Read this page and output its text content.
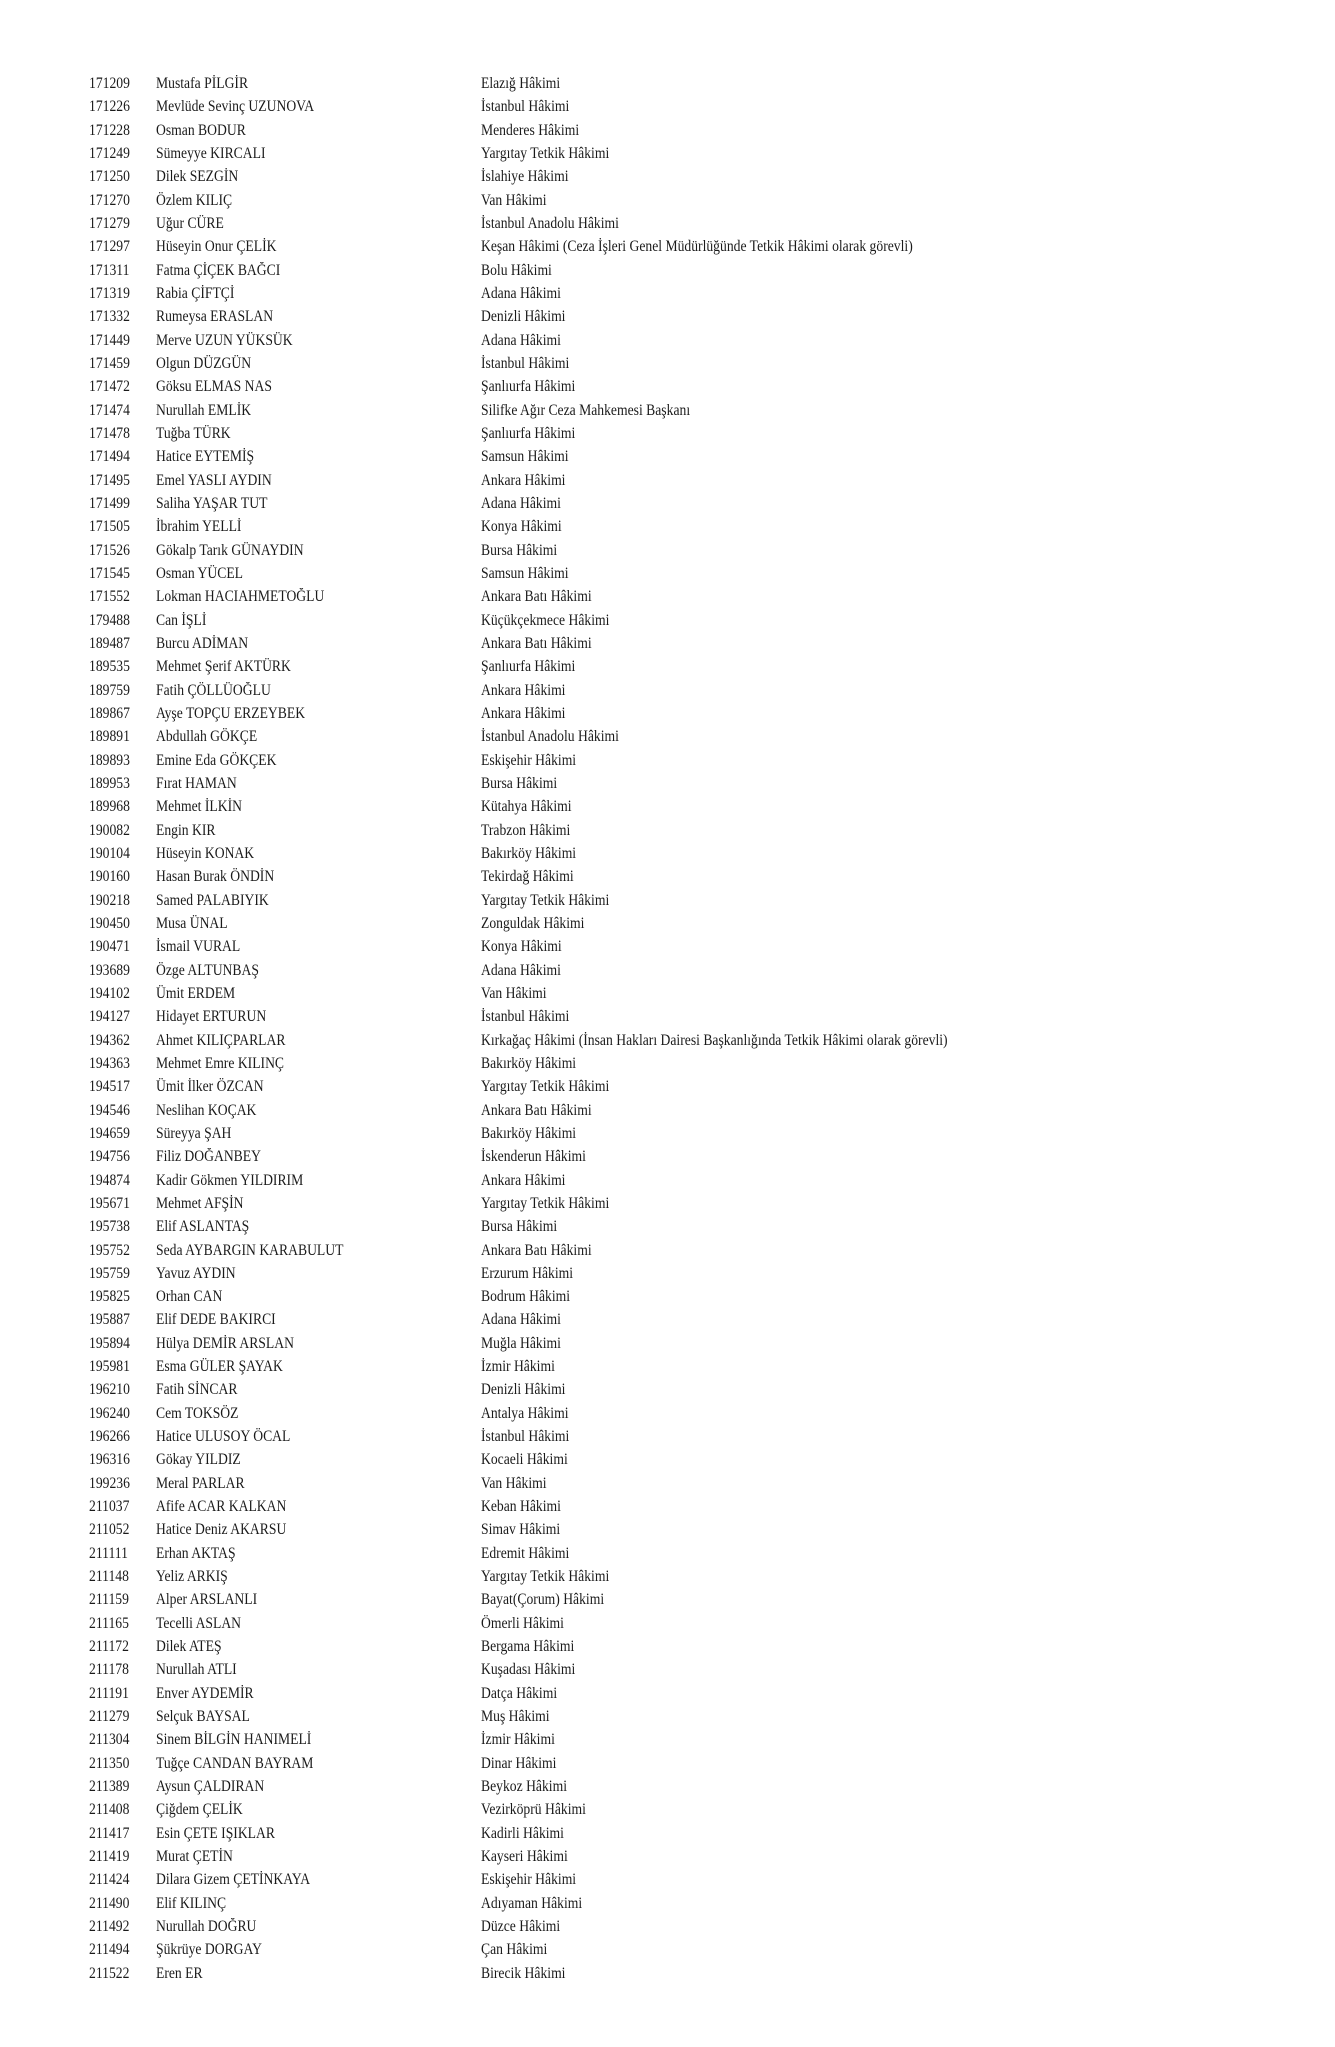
171209 Mustafa PİLGİR	Elazığ Hâkimi
171226 Mevlüde Sevinç UZUNOVA	İstanbul Hâkimi
171228 Osman BODUR	Menderes Hâkimi
171249 Sümeyye KIRCALI	Yargıtay Tetkik Hâkimi
171250 Dilek SEZGİN	İslahiye Hâkimi
171270 Özlem KILIÇ	Van Hâkimi
171279 Uğur CÜRE	İstanbul Anadolu Hâkimi
171297 Hüseyin Onur ÇELİK	Keşan Hâkimi (Ceza İşleri Genel Müdürlüğünde Tetkik Hâkimi olarak görevli)
171311 Fatma ÇİÇEK BAĞCI	Bolu Hâkimi
171319 Rabia ÇİFTÇİ	Adana Hâkimi
171332 Rumeysa ERASLAN	Denizli Hâkimi
171449 Merve UZUN YÜKSÜK	Adana Hâkimi
171459 Olgun DÜZGÜN	İstanbul Hâkimi
171472 Göksu ELMAS NAS	Şanlıurfa Hâkimi
171474 Nurullah EMLİK	Silifke Ağır Ceza Mahkemesi Başkanı
171478 Tuğba TÜRK	Şanlıurfa Hâkimi
171494 Hatice EYTEMİŞ	Samsun Hâkimi
171495 Emel YASLI AYDIN	Ankara Hâkimi
171499 Saliha YAŞAR TUT	Adana Hâkimi
171505 İbrahim YELLİ	Konya Hâkimi
171526 Gökalp Tarık GÜNAYDIN	Bursa Hâkimi
171545 Osman YÜCEL	Samsun Hâkimi
171552 Lokman HACIAHMETOĞLU	Ankara Batı Hâkimi
179488 Can İŞLİ	Küçükçekmece Hâkimi
189487 Burcu ADİMAN	Ankara Batı Hâkimi
189535 Mehmet Şerif AKTÜRK	Şanlıurfa Hâkimi
189759 Fatih ÇÖLLÜOĞLU	Ankara Hâkimi
189867 Ayşe TOPÇU ERZEYBEK	Ankara Hâkimi
189891 Abdullah GÖKÇE	İstanbul Anadolu Hâkimi
189893 Emine Eda GÖKÇEK	Eskişehir Hâkimi
189953 Fırat HAMAN	Bursa Hâkimi
189968 Mehmet İLKİN	Kütahya Hâkimi
190082 Engin KIR	Trabzon Hâkimi
190104 Hüseyin KONAK	Bakırköy Hâkimi
190160 Hasan Burak ÖNDİN	Tekirdağ Hâkimi
190218 Samed PALABIYIK	Yargıtay Tetkik Hâkimi
190450 Musa ÜNAL	Zonguldak Hâkimi
190471 İsmail VURAL	Konya Hâkimi
193689 Özge ALTUNBAŞ	Adana Hâkimi
194102 Ümit ERDEM	Van Hâkimi
194127 Hidayet ERTURUN	İstanbul Hâkimi
194362 Ahmet KILIÇPARLAR	Kırkağaç Hâkimi (İnsan Hakları Dairesi Başkanlığında Tetkik Hâkimi olarak görevli)
194363 Mehmet Emre KILINÇ	Bakırköy Hâkimi
194517 Ümit İlker ÖZCAN	Yargıtay Tetkik Hâkimi
194546 Neslihan KOÇAK	Ankara Batı Hâkimi
194659 Süreyya ŞAH	Bakırköy Hâkimi
194756 Filiz DOĞANBEY	İskenderun Hâkimi
194874 Kadir Gökmen YILDIRIM	Ankara Hâkimi
195671 Mehmet AFŞİN	Yargıtay Tetkik Hâkimi
195738 Elif ASLANTAŞ	Bursa Hâkimi
195752 Seda AYBARGIN KARABULUT	Ankara Batı Hâkimi
195759 Yavuz AYDIN	Erzurum Hâkimi
195825 Orhan CAN	Bodrum Hâkimi
195887 Elif DEDE BAKIRCI	Adana Hâkimi
195894 Hülya DEMİR ARSLAN	Muğla Hâkimi
195981 Esma GÜLER ŞAYAK	İzmir Hâkimi
196210 Fatih SİNCAR	Denizli Hâkimi
196240 Cem TOKSÖZ	Antalya Hâkimi
196266 Hatice ULUSOY ÖCAL	İstanbul Hâkimi
196316 Gökay YILDIZ	Kocaeli Hâkimi
199236 Meral PARLAR	Van Hâkimi
211037 Afife ACAR KALKAN	Keban Hâkimi
211052 Hatice Deniz AKARSU	Simav Hâkimi
211111 Erhan AKTAŞ	Edremit Hâkimi
211148 Yeliz ARKIŞ	Yargıtay Tetkik Hâkimi
211159 Alper ARSLANLI	Bayat(Çorum) Hâkimi
211165 Tecelli ASLAN	Ömerli Hâkimi
211172 Dilek ATEŞ	Bergama Hâkimi
211178 Nurullah ATLI	Kuşadası Hâkimi
211191 Enver AYDEMİR	Datça Hâkimi
211279 Selçuk BAYSAL	Muş Hâkimi
211304 Sinem BİLGİN HANIMELİ	İzmir Hâkimi
211350 Tuğçe CANDAN BAYRAM	Dinar Hâkimi
211389 Aysun ÇALDIRAN	Beykoz Hâkimi
211408 Çiğdem ÇELİK	Vezirköprü Hâkimi
211417 Esin ÇETE IŞIKLAR	Kadirli Hâkimi
211419 Murat ÇETİN	Kayseri Hâkimi
211424 Dilara Gizem ÇETİNKAYA	Eskişehir Hâkimi
211490 Elif KILINÇ	Adıyaman Hâkimi
211492 Nurullah DOĞRU	Düzce Hâkimi
211494 Şükrüye DORGAY	Çan Hâkimi
211522 Eren ER	Birecik Hâkimi
